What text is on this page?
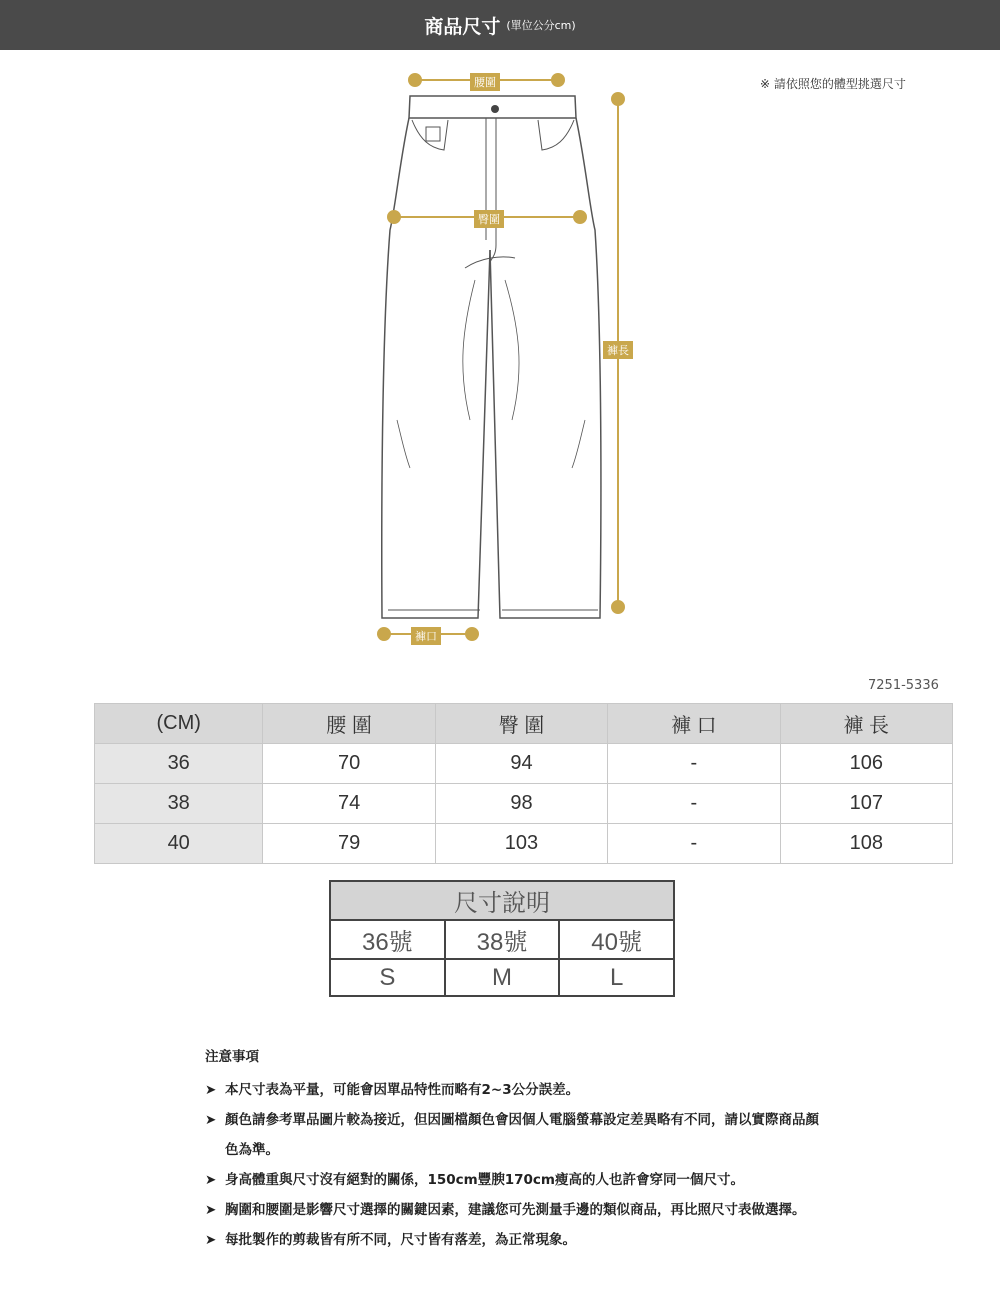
商品尺寸 (單位公分cm)
※ 請依照您的體型挑選尺寸
腰圍
臀圍
褲長
褲口
7251-5336
(CM)	腰 圍	臀 圍	褲 口	褲 長
36	70	94	-	106
38	74	98	-	107
40	79	103	-	108
尺寸說明		
36號	38號	40號
S	M	L
注意事項
➤ 本尺寸表為平量，可能會因單品特性而略有2~3公分誤差。
➤ 顏色請參考單品圖片較為接近，但因圖檔顏色會因個人電腦螢幕設定差異略有不同，請以實際商品顏色為準。
➤ 身高體重與尺寸沒有絕對的關係，150cm豐腴170cm瘦高的人也許會穿同一個尺寸。
➤ 胸圍和腰圍是影響尺寸選擇的關鍵因素，建議您可先測量手邊的類似商品，再比照尺寸表做選擇。
➤ 每批製作的剪裁皆有所不同，尺寸皆有落差，為正常現象。
